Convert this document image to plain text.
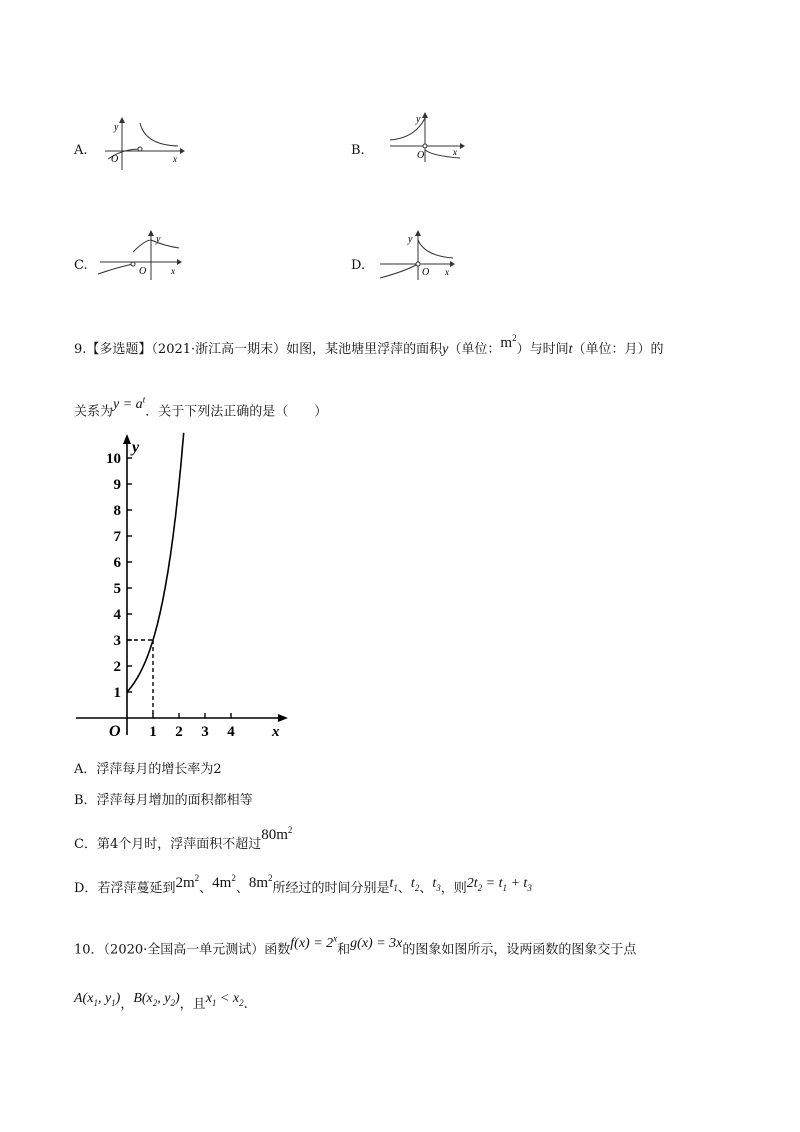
A.
y
O	x
B.
y
O	x
C.
y
O	x	D.
y
O x
9.【多选题】（2021·浙江高一期末）如图，某池塘里浮萍的面积y（单位：$m^2$）与时间t（单位：月）的
关系为$y = a^t$．关于下列法正确的是（　　）
1
2
3
4
5
6
7
8
9
10
1 2 3 4
y
x
O
A．浮萍每月的增长率为2
B．浮萍每月增加的面积都相等
C．第4个月时，浮萍面积不超过$80m^2$
D．若浮萍蔓延到$2m^2$、$4m^2$、$8m^2$所经过的时间分别是$t_1$、$t_2$、$t_3$，则$2t_2 = t_1 + t_3$
10．（2020·全国高一单元测试）函数$f(x) = 2^x$和g(x) = 3x的图象如图所示，设两函数的图象交于点
$A(x_1$, $y_1$)，$B(x_2$, $y_2$)，且$x_1 < x_2$.
